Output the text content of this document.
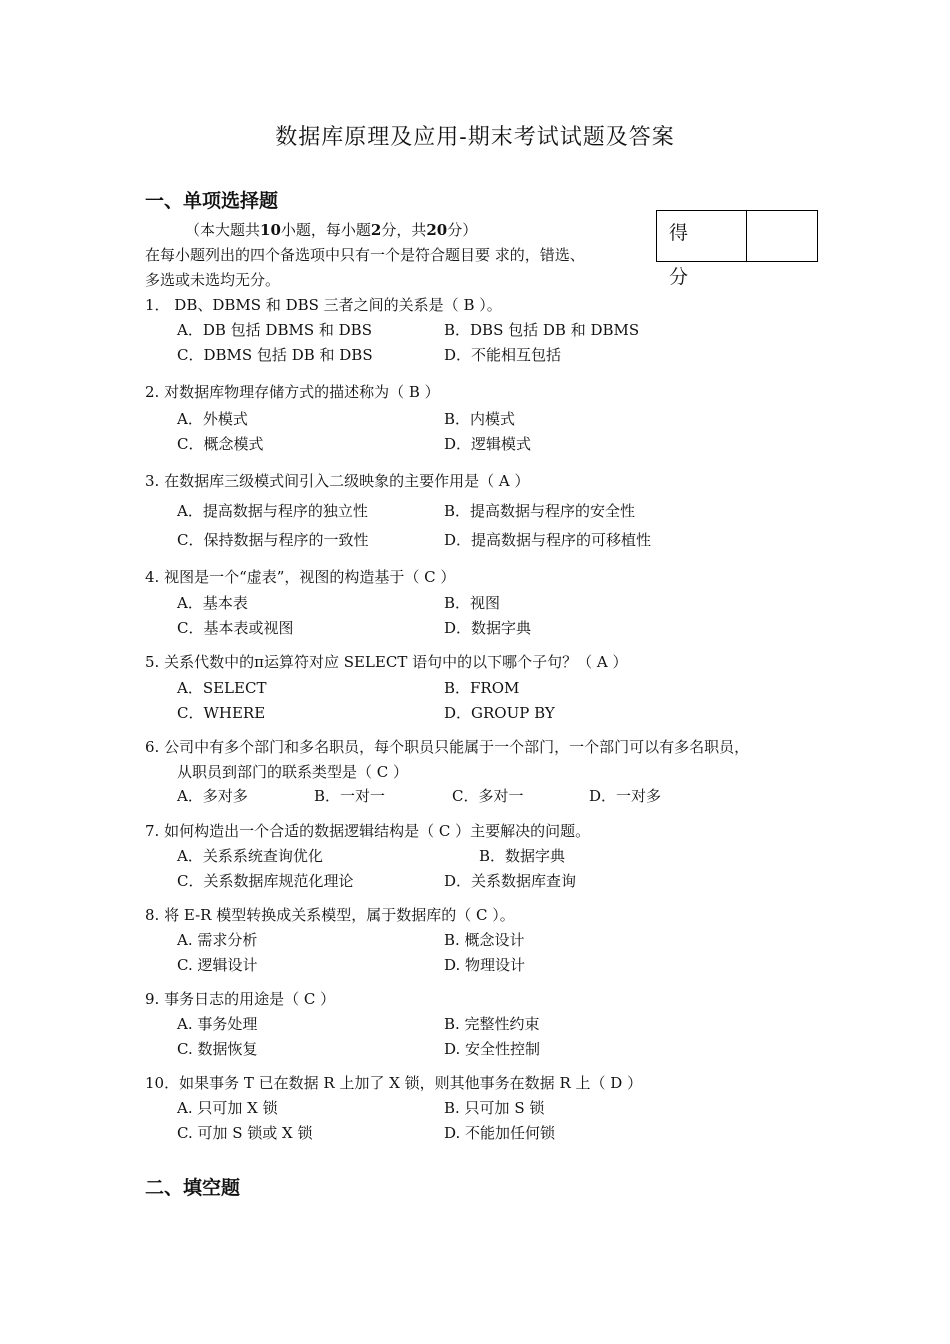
数据库原理及应用-期末考试试题及答案
一、单项选择题
（本大题共10小题，每小题2分，共20分）
在每小题列出的四个备选项中只有一个是符合题目要 求的，错选、
多选或未选均无分。
得 分
1． DB、DBMS 和 DBS 三者之间的关系是（ B ）。
A．DB 包括 DBMS 和 DBS	B．DBS 包括 DB 和 DBMS
C．DBMS 包括 DB 和 DBS	D．不能相互包括
2. 对数据库物理存储方式的描述称为（ B ）
A．外模式	B．内模式
C．概念模式	D．逻辑模式
3. 在数据库三级模式间引入二级映象的主要作用是（ A ）
A．提高数据与程序的独立性	B．提高数据与程序的安全性
C．保持数据与程序的一致性	D．提高数据与程序的可移植性
4. 视图是一个“虚表”，视图的构造基于（ C ）
A．基本表	B．视图
C．基本表或视图	D．数据字典
5. 关系代数中的π运算符对应 SELECT 语句中的以下哪个子句？（ A ）
A．SELECT	B．FROM
C．WHERE	D．GROUP BY
6. 公司中有多个部门和多名职员，每个职员只能属于一个部门，一个部门可以有多名职员，
从职员到部门的联系类型是（ C ）
A．多对多	B．一对一	C．多对一	D．一对多
7. 如何构造出一个合适的数据逻辑结构是（ C ）主要解决的问题。
A．关系系统查询优化	B．数据字典
C．关系数据库规范化理论	D．关系数据库查询
8. 将 E-R 模型转换成关系模型，属于数据库的（ C ）。
A. 需求分析	B. 概念设计
C. 逻辑设计	D. 物理设计
9. 事务日志的用途是（ C ）
A. 事务处理	B. 完整性约束
C. 数据恢复	D. 安全性控制
10．如果事务 T 已在数据 R 上加了 X 锁，则其他事务在数据 R 上（ D ）
A. 只可加 X 锁	B. 只可加 S 锁
C. 可加 S 锁或 X 锁	D. 不能加任何锁
二、填空题
